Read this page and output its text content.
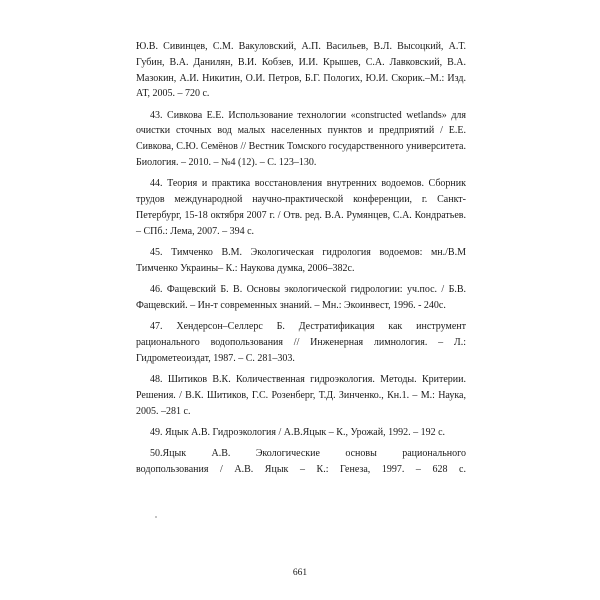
Ю.В. Сивинцев, С.М. Вакуловский, А.П. Васильев, В.Л. Высоцкий, А.Т. Губин, В.А. Данилян, В.И. Кобзев, И.И. Крышев, С.А. Лавковский, В.А. Мазокин, А.И. Никитин, О.И. Петров, Б.Г. Пологих, Ю.И. Скорик.–М.: Изд. АТ, 2005. – 720 с.
43. Сивкова Е.Е. Использование технологии «constructed wetlands» для очистки сточных вод малых населенных пунктов и предприятий / Е.Е. Сивкова, С.Ю. Семёнов // Вестник Томского государственного университета. Биология. – 2010. – №4 (12). – С. 123–130.
44. Теория и практика восстановления внутренних водоемов. Сборник трудов международной научно-практической конференции, г. Санкт-Петербург, 15-18 октября 2007 г. / Отв. ред. В.А. Румянцев, С.А. Кондратьев. – СПб.: Лема, 2007. – 394 с.
45. Тимченко В.М. Экологическая гидрология водоемов: мн./В.М Тимченко Украины– К.: Наукова думка, 2006–382с.
46. Фащевский Б. В. Основы экологической гидрологии: уч.пос. / Б.В. Фащевский. – Ин-т современных знаний. – Мн.: Экоинвест, 1996. - 240с.
47. Хендерсон–Селлерс Б. Дестратификация как инструмент рационального водопользования // Инженерная лимнология. – Л.: Гидрометеоиздат, 1987. – С. 281–303.
48. Шитиков В.К. Количественная гидроэкология. Методы. Критерии. Решения. / В.К. Шитиков, Г.С. Розенберг, Т.Д. Зинченко., Кн.1. – М.: Наука, 2005. –281 с.
49. Яцык А.В. Гидроэкология / А.В.Яцык – К., Урожай, 1992. – 192 с.
50.Яцык А.В. Экологические основы рационального
водопользования / А.В. Яцык – К.: Генеза, 1997. – 628 с.
661
